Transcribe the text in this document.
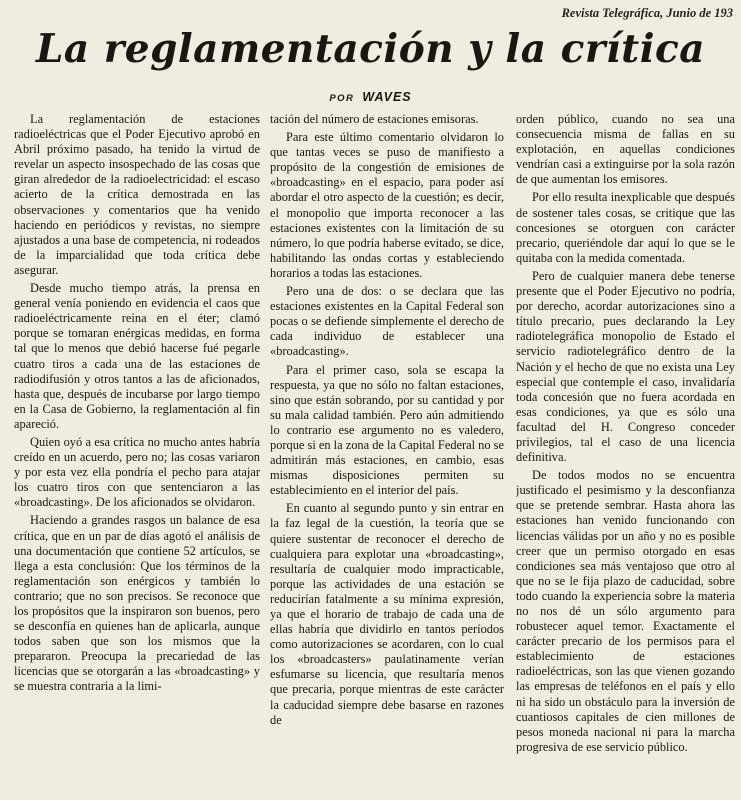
Revista Telegráfica, Junio de 193
La reglamentación y la crítica
POR WAVES

La reglamentación de estaciones radioeléctricas que el Poder Ejecutivo aprobó en Abril próximo pasado, ha tenido la virtud de revelar un aspecto insospechado de las cosas que giran alrededor de la radioelectricidad: el escaso acierto de la crítica demostrada en las observaciones y comentarios que ha venido haciendo en periódicos y revistas, no siempre ajustados a una base de competencia, ni rodeados de la imparcialidad que toda crítica debe asegurar.

Desde mucho tiempo atrás, la prensa en general venía poniendo en evidencia el caos que radioeléctricamente reina en el éter; clamó porque se tomaran enérgicas medidas, en forma tal que lo menos que debió hacerse fué pegarle cuatro tiros a cada una de las estaciones de radiodifusión y otros tantos a las de aficionados, hasta que, después de incubarse por largo tiempo en la Casa de Gobierno, la reglamentación al fin apareció.

Quien oyó a esa crítica no mucho antes habría creído en un acuerdo, pero no; las cosas variaron y por esta vez ella pondría el pecho para atajar los cuatro tiros con que sentenciaron a las «broadcasting». De los aficionados se olvidaron.

Haciendo a grandes rasgos un balance de esa crítica, que en un par de días agotó el análisis de una documentación que contiene 52 artículos, se llega a esta conclusión: Que los términos de la reglamentación son enérgicos y también lo contrario; que no son precisos. Se reconoce que los propósitos que la inspiraron son buenos, pero se desconfía en quienes han de aplicarla, aunque todos saben que son los mismos que la prepararon. Preocupa la precariedad de las licencias que se otorgarán a las «broadcasting» y se muestra contraria a la limi-

tación del número de estaciones emisoras.

Para este último comentario olvidaron lo que tantas veces se puso de manifiesto a propósito de la congestión de emisiones de «broadcasting» en el espacio, para poder así abordar el otro aspecto de la cuestión; es decir, el monopolio que importa reconocer a las estaciones existentes con la limitación de su número, lo que podría haberse evitado, se dice, habilitando las ondas cortas y estableciendo horarios a todas las estaciones.

Pero una de dos: o se declara que las estaciones existentes en la Capital Federal son pocas o se defiende simplemente el derecho de cada individuo de establecer una «broadcasting».

Para el primer caso, sola se escapa la respuesta, ya que no sólo no faltan estaciones, sino que están sobrando, por su cantidad y por su mala calidad también. Pero aún admitiendo lo contrario ese argumento no es valedero, porque si en la zona de la Capital Federal no se admitirán más estaciones, en cambio, esas mismas disposiciones permiten su establecimiento en el interior del país.

En cuanto al segundo punto y sin entrar en la faz legal de la cuestión, la teoría que se quiere sustentar de reconocer el derecho de cualquiera para explotar una «broadcasting», resultaría de cualquier modo impracticable, porque las actividades de una estación se reducirían fatalmente a su mínima expresión, ya que el horario de trabajo de cada una de ellas habría que dividirlo en tantos períodos como autorizaciones se acordaren, con lo cual los «broadcasters» paulatinamente verían esfumarse su licencia, que resultaría menos que precaria, porque mientras de este carácter la caducidad siempre debe basarse en razones de

orden público, cuando no sea una consecuencia misma de fallas en su explotación, en aquellas condiciones vendrían casi a extinguirse por la sola razón de que aumentan los emisores.

Por ello resulta inexplicable que después de sostener tales cosas, se critique que las concesiones se otorguen con carácter precario, queriéndole dar aquí lo que se le quitaba con la medida comentada.

Pero de cualquier manera debe tenerse presente que el Poder Ejecutivo no podría, por derecho, acordar autorizaciones sino a título precario, pues declarando la Ley radiotelegráfica monopolio de Estado el servicio radiotelegráfico dentro de la Nación y el hecho de que no exista una Ley especial que contemple el caso, invalidaría toda concesión que no fuera acordada en esas condiciones, ya que es sólo una facultad del H. Congreso conceder privilegios, tal el caso de una licencia definitiva.

De todos modos no se encuentra justificado el pesimismo y la desconfianza que se pretende sembrar. Hasta ahora las estaciones han venido funcionando con licencias válidas por un año y no es posible creer que un permiso otorgado en esas condiciones sea más ventajoso que otro al que no se le fija plazo de caducidad, sobre todo cuando la experiencia sobre la materia no nos dé un sólo argumento para robustecer aquel temor. Exactamente el carácter precario de los permisos para el establecimiento de estaciones radioeléctricas, son las que vienen gozando las empresas de teléfonos en el país y ello ni ha sido un obstáculo para la inversión de cuantiosos capitales de cien millones de pesos moneda nacional ni para la marcha progresiva de ese servicio público.
